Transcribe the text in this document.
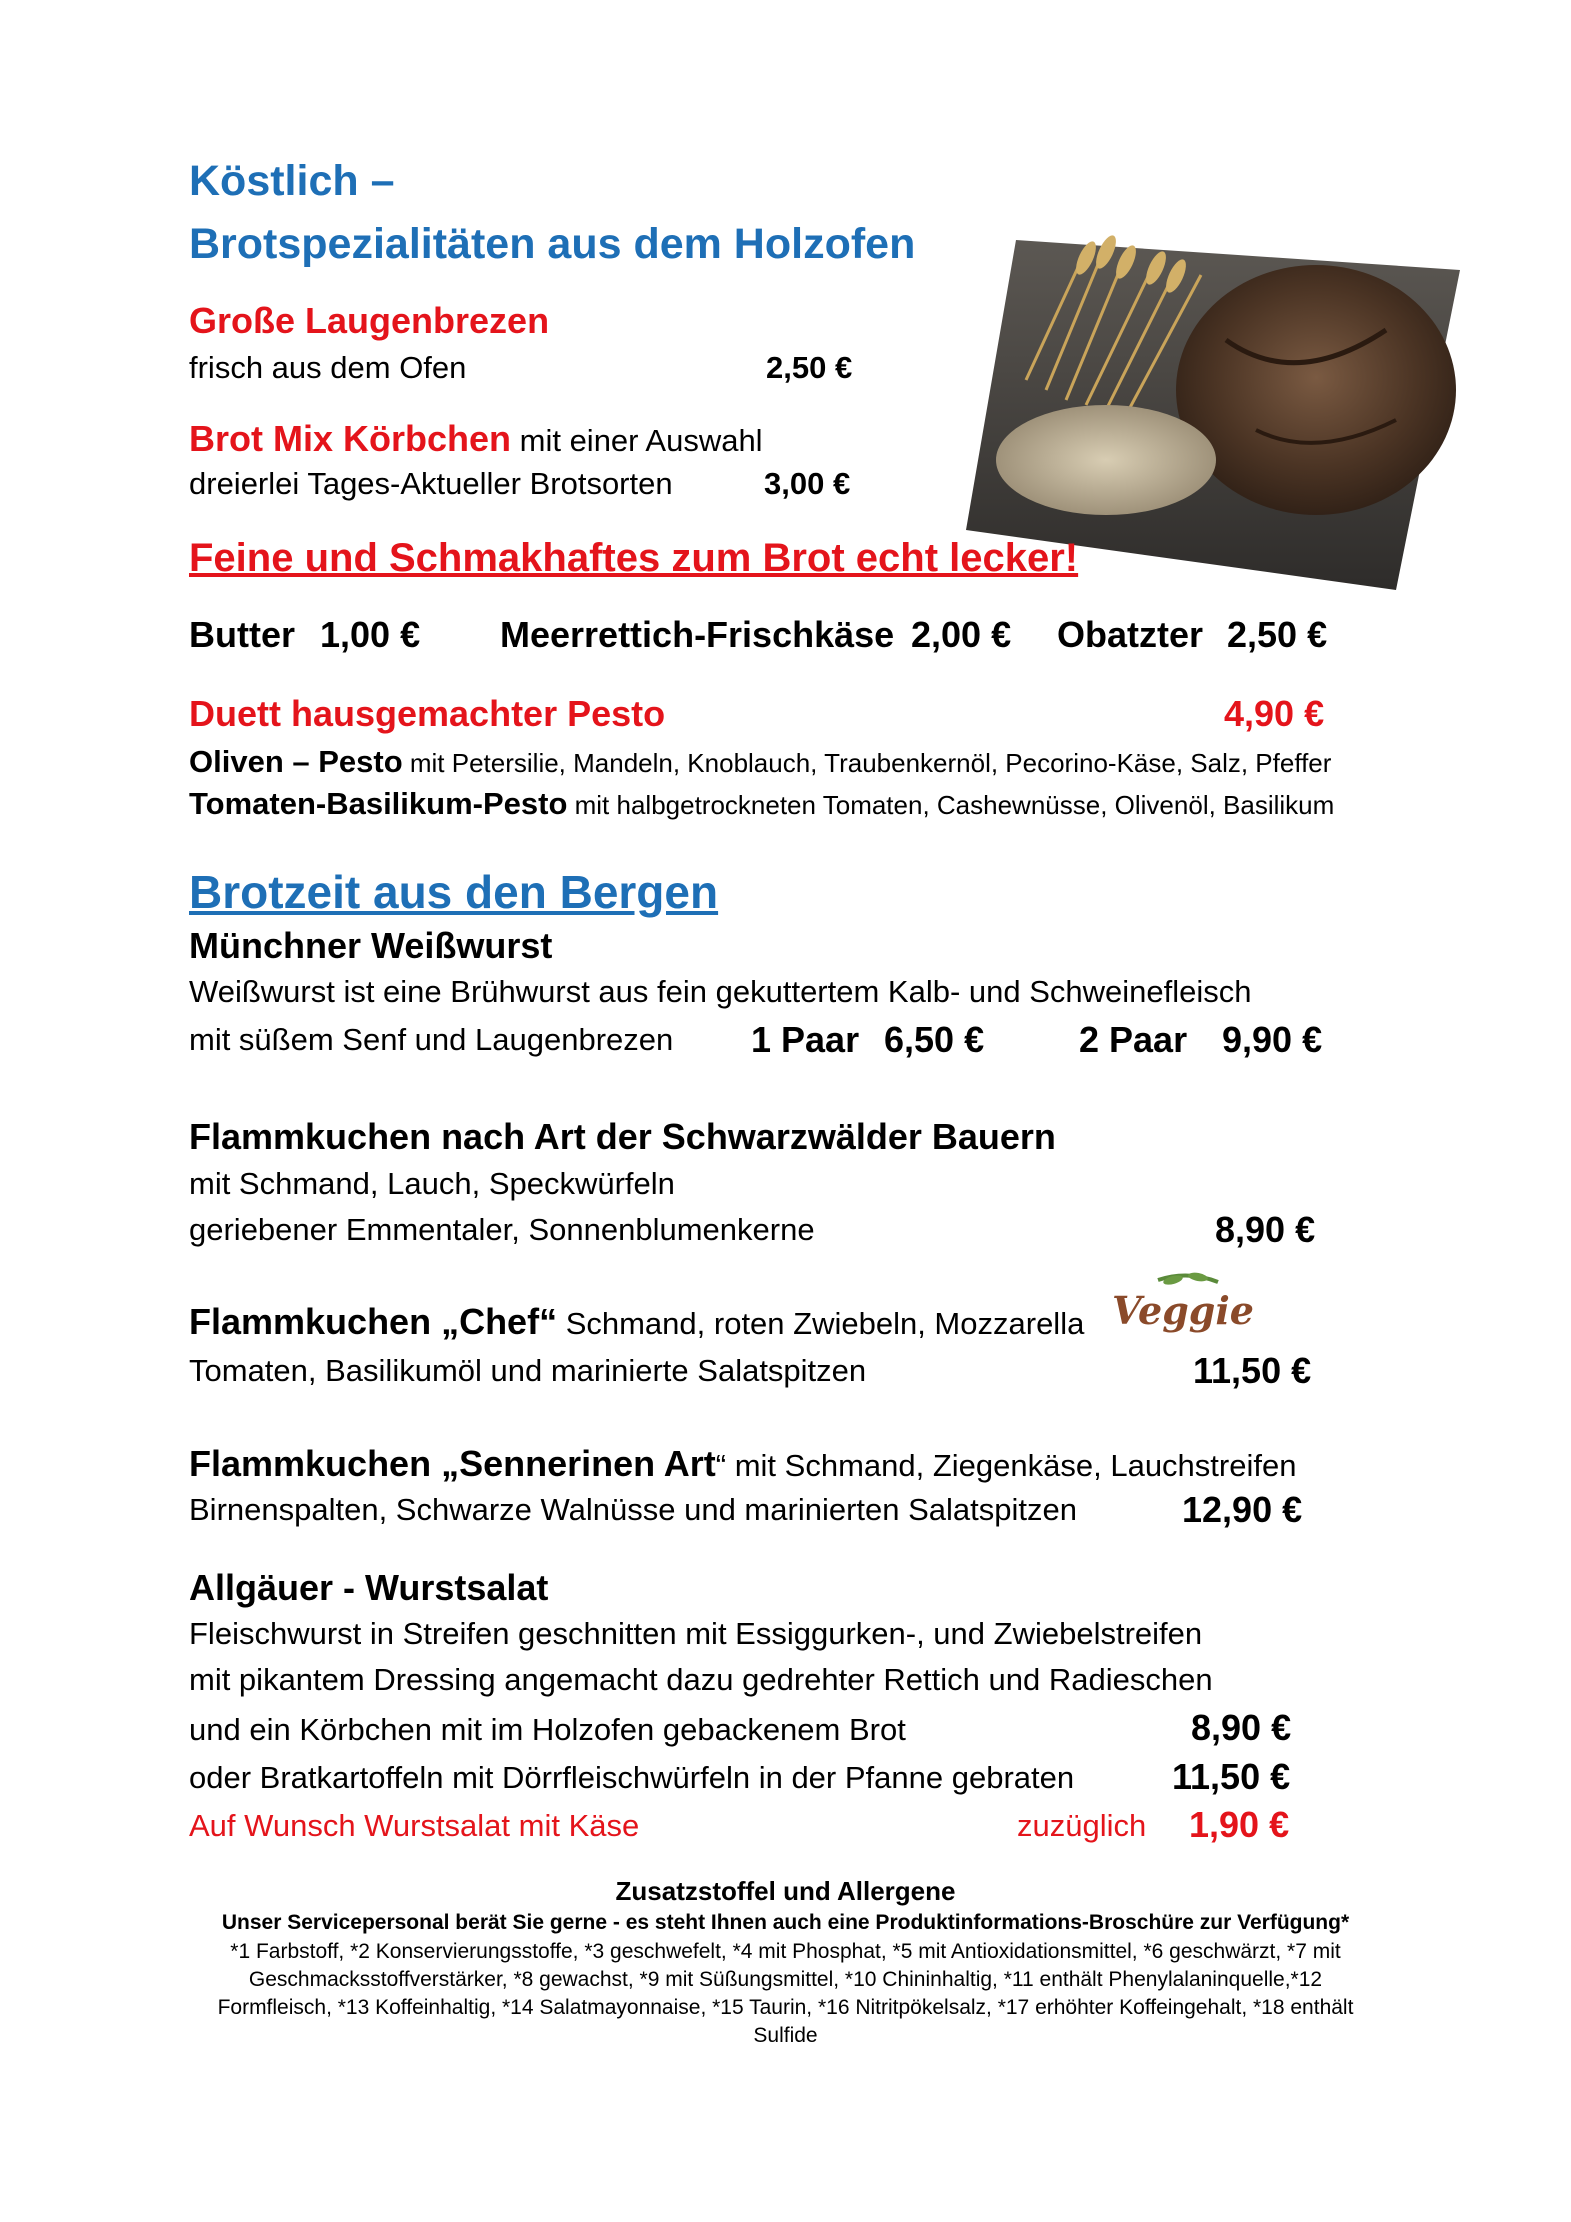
Köstlich –
Brotspezialitäten aus dem Holzofen
Große Laugenbrezen
frisch aus dem Ofen	2,50 €
Brot Mix Körbchen mit einer Auswahl
dreierlei Tages-Aktueller Brotsorten	3,00 €
Feine und Schmakhaftes zum Brot echt lecker!
Butter 1,00 € Meerrettich-Frischkäse 2,00 € Obatzter 2,50 €
Duett hausgemachter Pesto	4,90 €
Oliven – Pesto mit Petersilie, Mandeln, Knoblauch, Traubenkernöl, Pecorino-Käse, Salz, Pfeffer
Tomaten-Basilikum-Pesto mit halbgetrockneten Tomaten, Cashewnüsse, Olivenöl, Basilikum
Brotzeit aus den Bergen
Münchner Weißwurst
Weißwurst ist eine Brühwurst aus fein gekuttertem Kalb- und Schweinefleisch
mit süßem Senf und Laugenbrezen 1 Paar 6,50 €	2 Paar 9,90 €
Flammkuchen nach Art der Schwarzwälder Bauern
mit Schmand, Lauch, Speckwürfeln
geriebener Emmentaler, Sonnenblumenkerne	8,90 €
Flammkuchen „Chef“ Schmand, roten Zwiebeln, Mozzarella
Tomaten, Basilikumöl und marinierte Salatspitzen	11,50 €
Veggie
Flammkuchen „Sennerinen Art“ mit Schmand, Ziegenkäse, Lauchstreifen
Birnenspalten, Schwarze Walnüsse und marinierten Salatspitzen	12,90 €
Allgäuer - Wurstsalat
Fleischwurst in Streifen geschnitten mit Essiggurken-, und Zwiebelstreifen
mit pikantem Dressing angemacht dazu gedrehter Rettich und Radieschen
und ein Körbchen mit im Holzofen gebackenem Brot	8,90 €
oder Bratkartoffeln mit Dörrfleischwürfeln in der Pfanne gebraten	11,50 €
Auf Wunsch Wurstsalat mit Käse	zuzüglich 1,90 €
Zusatzstoffel und Allergene
Unser Servicepersonal berät Sie gerne - es steht Ihnen auch eine Produktinformations-Broschüre zur Verfügung*
*1 Farbstoff, *2 Konservierungsstoffe, *3 geschwefelt, *4 mit Phosphat, *5 mit Antioxidationsmittel, *6 geschwärzt, *7 mit
Geschmacksstoffverstärker, *8 gewachst, *9 mit Süßungsmittel, *10 Chininhaltig, *11 enthält Phenylalaninquelle,*12
Formfleisch, *13 Koffeinhaltig, *14 Salatmayonnaise, *15 Taurin, *16 Nitritpökelsalz, *17 erhöhter Koffeingehalt, *18 enthält
Sulfide
